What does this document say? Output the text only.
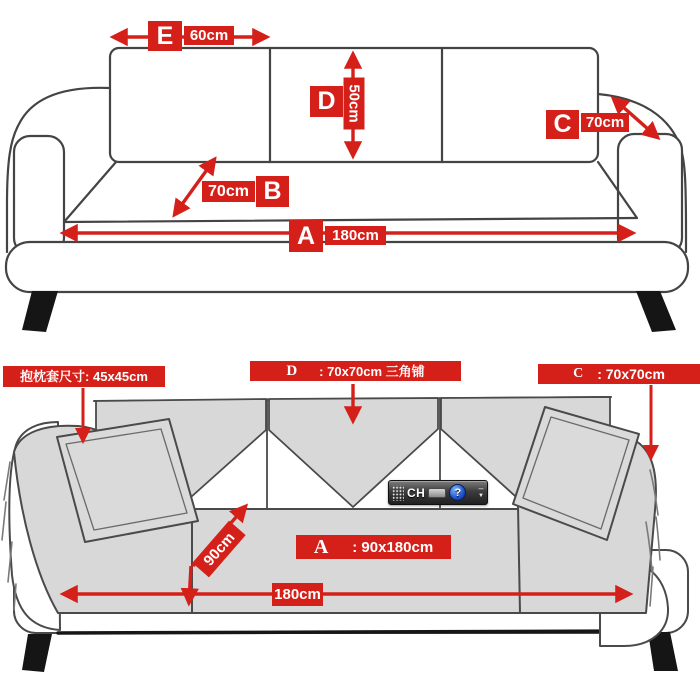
E	60cm
D 50cm
C 70cm
70cm B
A	180cm
抱枕套尺寸: 45x45cm	D : 70x70cm 三角铺	C : 70x70cm
A : 90x180cm
90cm
180cm
CH	?	–
▼
